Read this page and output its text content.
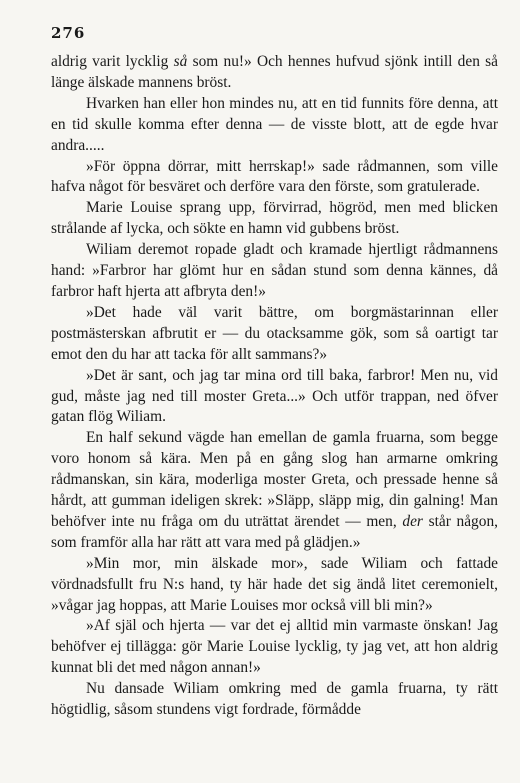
276

aldrig varit lycklig så som nu!» Och hennes hufvud sjönk intill den så länge älskade mannens bröst.

Hvarken han eller hon mindes nu, att en tid funnits före denna, att en tid skulle komma efter denna — de visste blott, att de egde hvar andra.....

»För öppna dörrar, mitt herrskap!» sade rådmannen, som ville hafva något för besväret och derföre vara den förste, som gratulerade.

Marie Louise sprang upp, förvirrad, högröd, men med blicken strålande af lycka, och sökte en hamn vid gubbens bröst.

Wiliam deremot ropade gladt och kramade hjertligt rådmannens hand: »Farbror har glömt hur en sådan stund som denna kännes, då farbror haft hjerta att afbryta den!»

»Det hade väl varit bättre, om borgmästarinnan eller postmästerskan afbrutit er — du otacksamme gök, som så oartigt tar emot den du har att tacka för allt sammans?»

»Det är sant, och jag tar mina ord till baka, farbror! Men nu, vid gud, måste jag ned till moster Greta...» Och utför trappan, ned öfver gatan flög Wiliam.

En half sekund vägde han emellan de gamla fruarna, som begge voro honom så kära. Men på en gång slog han armarne omkring rådmanskan, sin kära, moderliga moster Greta, och pressade henne så hårdt, att gumman ideligen skrek: »Släpp, släpp mig, din galning! Man behöfver inte nu fråga om du uträttat ärendet — men, der står någon, som framför alla har rätt att vara med på glädjen.»

»Min mor, min älskade mor», sade Wiliam och fattade vördnadsfullt fru N:s hand, ty här hade det sig ändå litet ceremonielt, »vågar jag hoppas, att Marie Louises mor också vill bli min?»

»Af själ och hjerta — var det ej alltid min varmaste önskan! Jag behöfver ej tillägga: gör Marie Louise lycklig, ty jag vet, att hon aldrig kunnat bli det med någon annan!»

Nu dansade Wiliam omkring med de gamla fruarna, ty rätt högtidlig, såsom stundens vigt fordrade, förmådde
